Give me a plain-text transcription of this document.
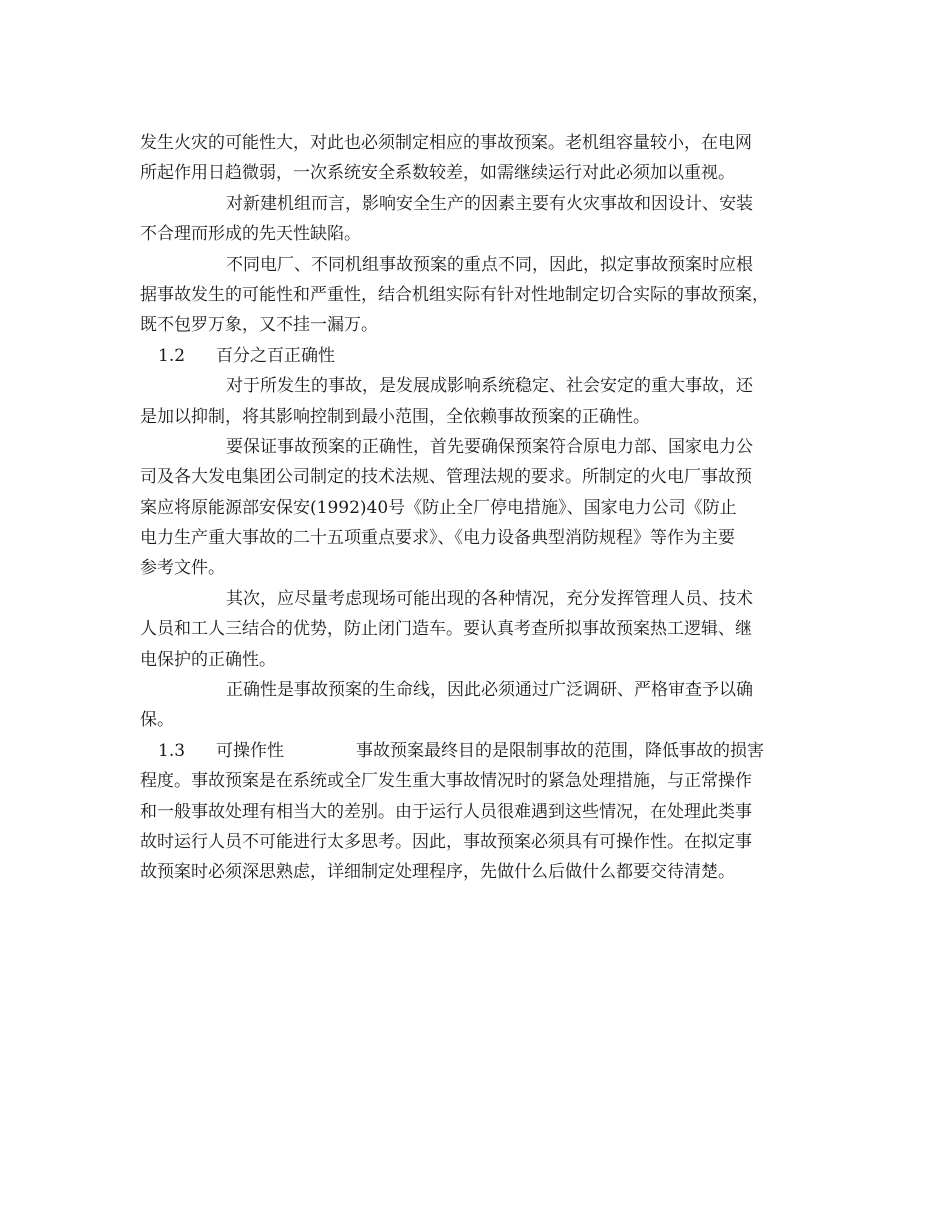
发生火灾的可能性大，对此也必须制定相应的事故预案。老机组容量较小，在电网
所起作用日趋微弱，一次系统安全系数较差，如需继续运行对此必须加以重视。
对新建机组而言，影响安全生产的因素主要有火灾事故和因设计、安装
不合理而形成的先天性缺陷。
不同电厂、不同机组事故预案的重点不同，因此，拟定事故预案时应根
据事故发生的可能性和严重性，结合机组实际有针对性地制定切合实际的事故预案，
既不包罗万象，又不挂一漏万。
1.2 百分之百正确性
对于所发生的事故，是发展成影响系统稳定、社会安定的重大事故，还
是加以抑制，将其影响控制到最小范围，全依赖事故预案的正确性。
要保证事故预案的正确性，首先要确保预案符合原电力部、国家电力公
司及各大发电集团公司制定的技术法规、管理法规的要求。所制定的火电厂事故预
案应将原能源部安保安(1992)40号《防止全厂停电措施》、国家电力公司《防止
电力生产重大事故的二十五项重点要求》、《电力设备典型消防规程》等作为主要
参考文件。
其次，应尽量考虑现场可能出现的各种情况，充分发挥管理人员、技术
人员和工人三结合的优势，防止闭门造车。要认真考查所拟事故预案热工逻辑、继
电保护的正确性。
正确性是事故预案的生命线，因此必须通过广泛调研、严格审查予以确
保。
1.3 可操作性	事故预案最终目的是限制事故的范围，降低事故的损害
程度。事故预案是在系统或全厂发生重大事故情况时的紧急处理措施，与正常操作
和一般事故处理有相当大的差别。由于运行人员很难遇到这些情况，在处理此类事
故时运行人员不可能进行太多思考。因此，事故预案必须具有可操作性。在拟定事
故预案时必须深思熟虑，详细制定处理程序，先做什么后做什么都要交待清楚。
